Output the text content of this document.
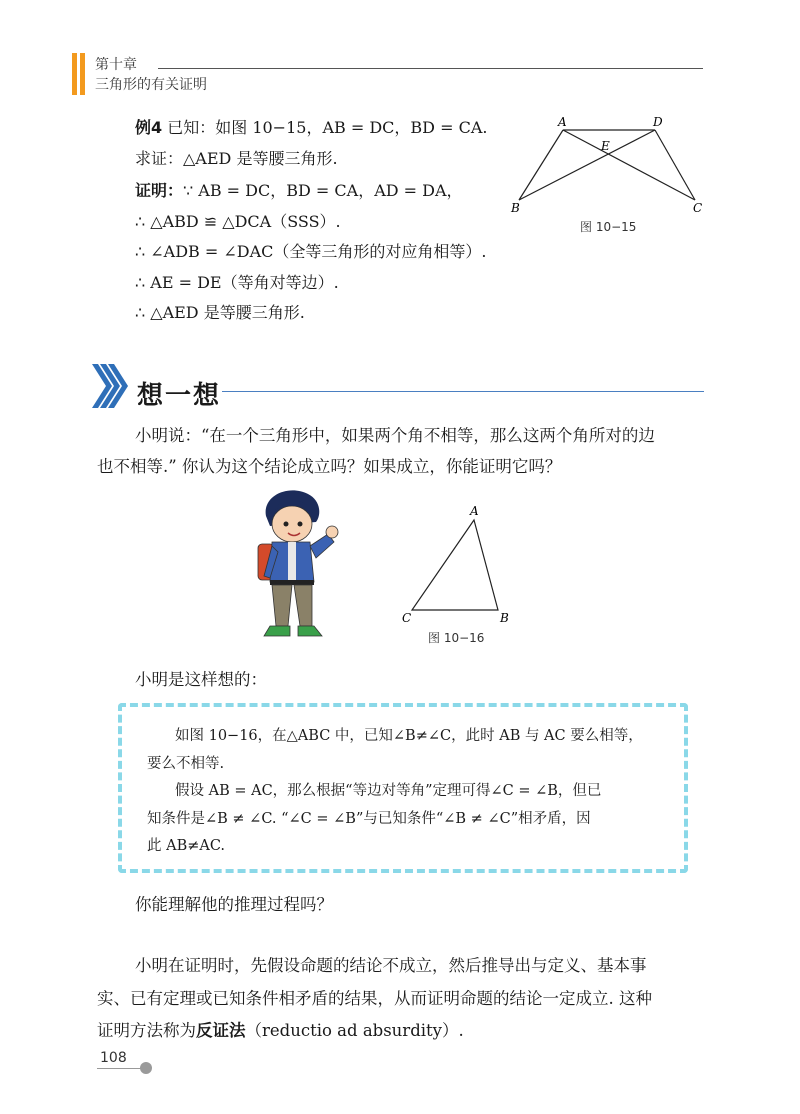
第十章
三角形的有关证明
例4 已知：如图 10−15，AB = DC，BD = CA.
求证：△AED 是等腰三角形.
证明：∵ AB = DC，BD = CA，AD = DA，
∴ △ABD ≌ △DCA（SSS）.
∴ ∠ADB = ∠DAC（全等三角形的对应角相等）.
∴ AE = DE（等角对等边）.
∴ △AED 是等腰三角形.
A	D
E
B	C
图 10−15
想一想
小明说：“在一个三角形中，如果两个角不相等，那么这两个角所对的边
也不相等.” 你认为这个结论成立吗？如果成立，你能证明它吗？
A
C	B
图 10−16
小明是这样想的：
如图 10−16，在△ABC 中，已知∠B≠∠C，此时 AB 与 AC 要么相等，
要么不相等.
假设 AB = AC，那么根据“等边对等角”定理可得∠C = ∠B，但已
知条件是∠B ≠ ∠C. “∠C = ∠B”与已知条件“∠B ≠ ∠C”相矛盾，因
此 AB≠AC.
你能理解他的推理过程吗？
小明在证明时，先假设命题的结论不成立，然后推导出与定义、基本事
实、已有定理或已知条件相矛盾的结果，从而证明命题的结论一定成立. 这种
证明方法称为反证法（reductio ad absurdity）.
108
